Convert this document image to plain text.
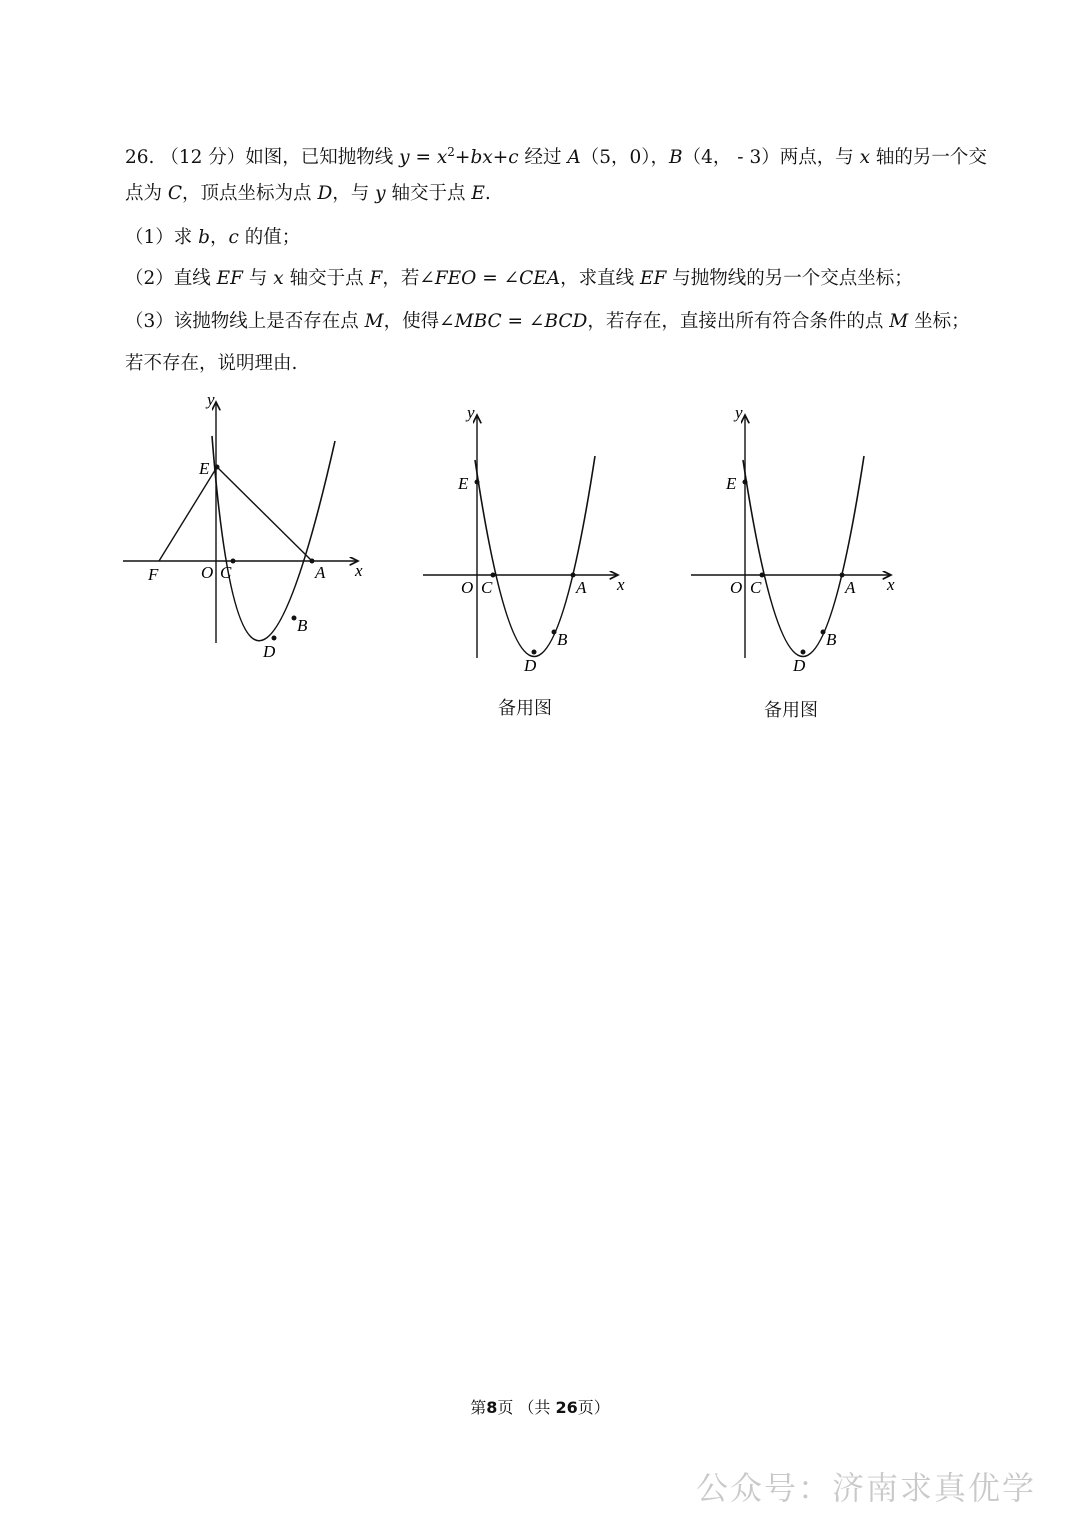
26. （12 分）如图，已知抛物线 $y = x^2+bx+c$ 经过 A（5，0），B（4， - 3）两点，与 x 轴的另一个交
点为 C，顶点坐标为点 D，与 y 轴交于点 E.
（1）求 b，c 的值；
（2）直线 EF 与 x 轴交于点 F，若∠FEO = ∠CEA，求直线 EF 与抛物线的另一个交点坐标；
（3）该抛物线上是否存在点 M，使得∠MBC = ∠BCD，若存在，直接出所有符合条件的点 M 坐标；
若不存在，说明理由.
y
x
E
F	O C	A
B
D
y
x
E
O C	A
B
D
备用图
y
x
E
O C	A
B
D
备用图
第8页 （共 26页）
公众号：济南求真优学
